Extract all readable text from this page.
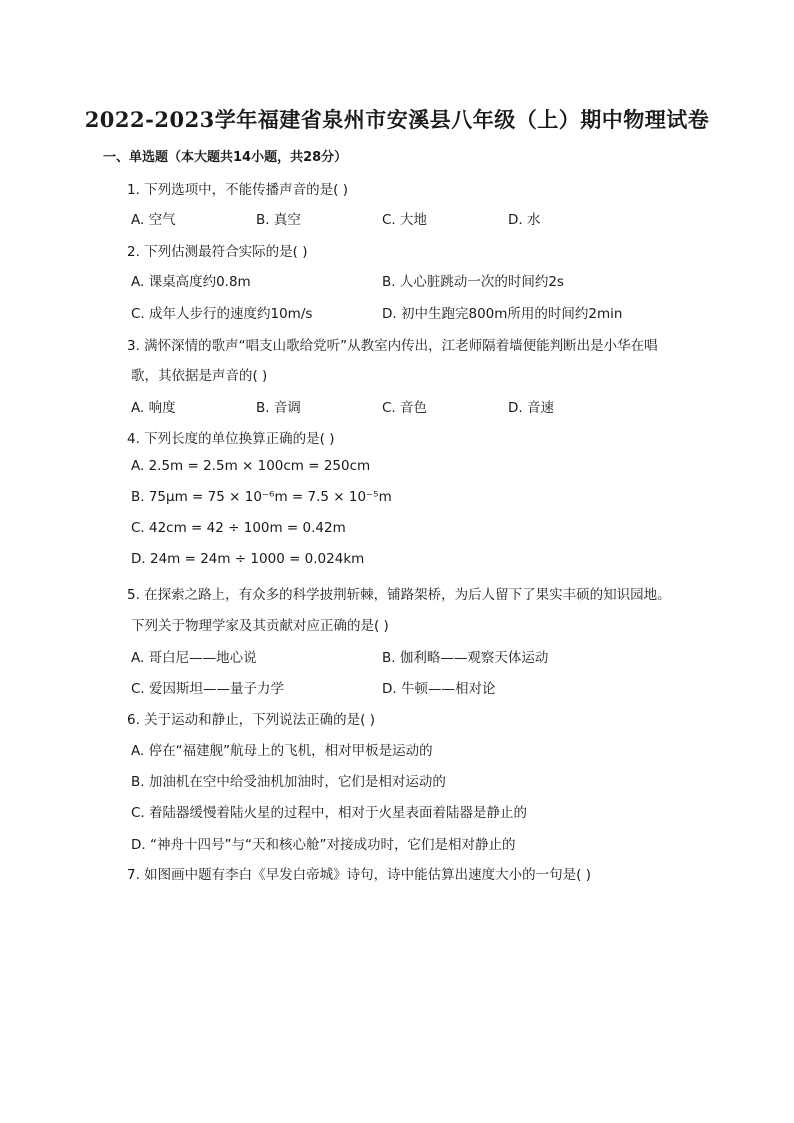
2022-2023学年福建省泉州市安溪县八年级（上）期中物理试卷
一、单选题（本大题共14小题，共28分）
1. 下列选项中，不能传播声音的是( )
A. 空气	B. 真空	C. 大地	D. 水
2. 下列估测最符合实际的是( )
A. 课桌高度约0.8m	B. 人心脏跳动一次的时间约2s
C. 成年人步行的速度约10m/s	D. 初中生跑完800m所用的时间约2min
3. 满怀深情的歌声“唱支山歌给党听”从教室内传出，江老师隔着墙便能判断出是小华在唱
歌，其依据是声音的( )
A. 响度	B. 音调	C. 音色	D. 音速
4. 下列长度的单位换算正确的是( )
A. 2.5m = 2.5m × 100cm = 250cm
B. 75μm = 75 × 10⁻⁶m = 7.5 × 10⁻⁵m
C. 42cm = 42 ÷ 100m = 0.42m
D. 24m = 24m ÷ 1000 = 0.024km
5. 在探索之路上，有众多的科学披荆斩棘，铺路架桥，为后人留下了果实丰硕的知识园地。
下列关于物理学家及其贡献对应正确的是( )
A. 哥白尼——地心说	B. 伽利略——观察天体运动
C. 爱因斯坦——量子力学	D. 牛顿——相对论
6. 关于运动和静止，下列说法正确的是( )
A. 停在“福建舰”航母上的飞机，相对甲板是运动的
B. 加油机在空中给受油机加油时，它们是相对运动的
C. 着陆器缓慢着陆火星的过程中，相对于火星表面着陆器是静止的
D. “神舟十四号”与“天和核心舱”对接成功时，它们是相对静止的
7. 如图画中题有李白《早发白帝城》诗句，诗中能估算出速度大小的一句是( )
